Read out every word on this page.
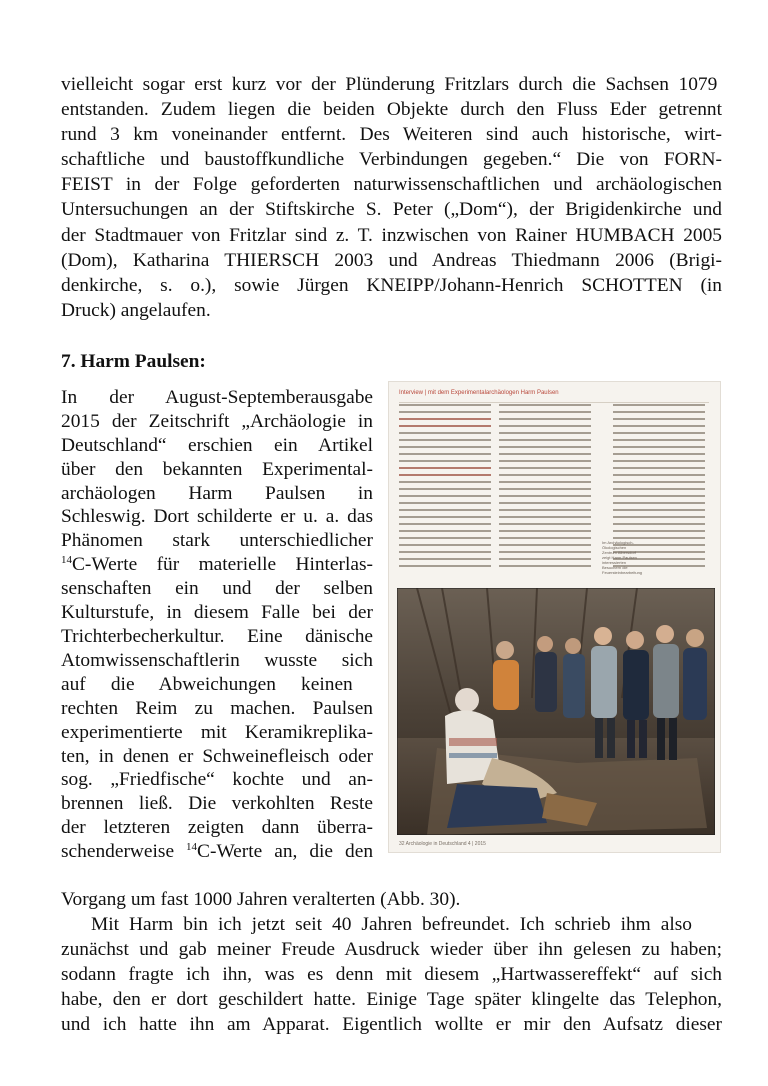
vielleicht sogar erst kurz vor der Plünderung Fritzlars durch die Sachsen 1079
entstanden. Zudem liegen die beiden Objekte durch den Fluss Eder getrennt
rund 3 km voneinander entfernt. Des Weiteren sind auch historische, wirt-
schaftliche und baustoffkundliche Verbindungen gegeben.“ Die von FORN-
FEIST in der Folge geforderten naturwissenschaftlichen und archäologischen
Untersuchungen an der Stiftskirche S. Peter („Dom“), der Brigidenkirche und
der Stadtmauer von Fritzlar sind z. T. inzwischen von Rainer HUMBACH 2005
(Dom), Katharina THIERSCH 2003 und Andreas Thiedmann 2006 (Brigi-
denkirche, s. o.), sowie Jürgen KNEIPP/Johann-Henrich SCHOTTEN (in
Druck) angelaufen.
7. Harm Paulsen:
In der August-Septemberausgabe
2015 der Zeitschrift „Archäologie in
Deutschland“ erschien ein Artikel
über den bekannten Experimental-
archäologen Harm Paulsen in
Schleswig. Dort schilderte er u. a. das
Phänomen stark unterschiedlicher
$^{14}$C-Werte für materielle Hinterlas-
senschaften ein und der selben
Kulturstufe, in diesem Falle bei der
Trichterbecherkultur. Eine dänische
Atomwissenschaftlerin wusste sich
auf die Abweichungen keinen
rechten Reim zu machen. Paulsen
experimentierte mit Keramikreplika-
ten, in denen er Schweinefleisch oder
sog. „Friedfische“ kochte und an-
brennen ließ. Die verkohlten Reste
der letzteren zeigten dann überra-
schenderweise $^{14}$C-Werte an, die den
Interview | mit dem Experimentalarchäologen Harm Paulsen
Im Archäologisch-Ökologischen Zentrum Albersdorf zeigt Harm Paulsen interessierten Besuchern die Feuersteinbearbeitung
32 Archäologie in Deutschland 4 | 2015
Vorgang um fast 1000 Jahren veralterten (Abb. 30).
Mit Harm bin ich jetzt seit 40 Jahren befreundet. Ich schrieb ihm also
zunächst und gab meiner Freude Ausdruck wieder über ihn gelesen zu haben;
sodann fragte ich ihn, was es denn mit diesem „Hartwassereffekt“ auf sich
habe, den er dort geschildert hatte. Einige Tage später klingelte das Telephon,
und ich hatte ihn am Apparat. Eigentlich wollte er mir den Aufsatz dieser
